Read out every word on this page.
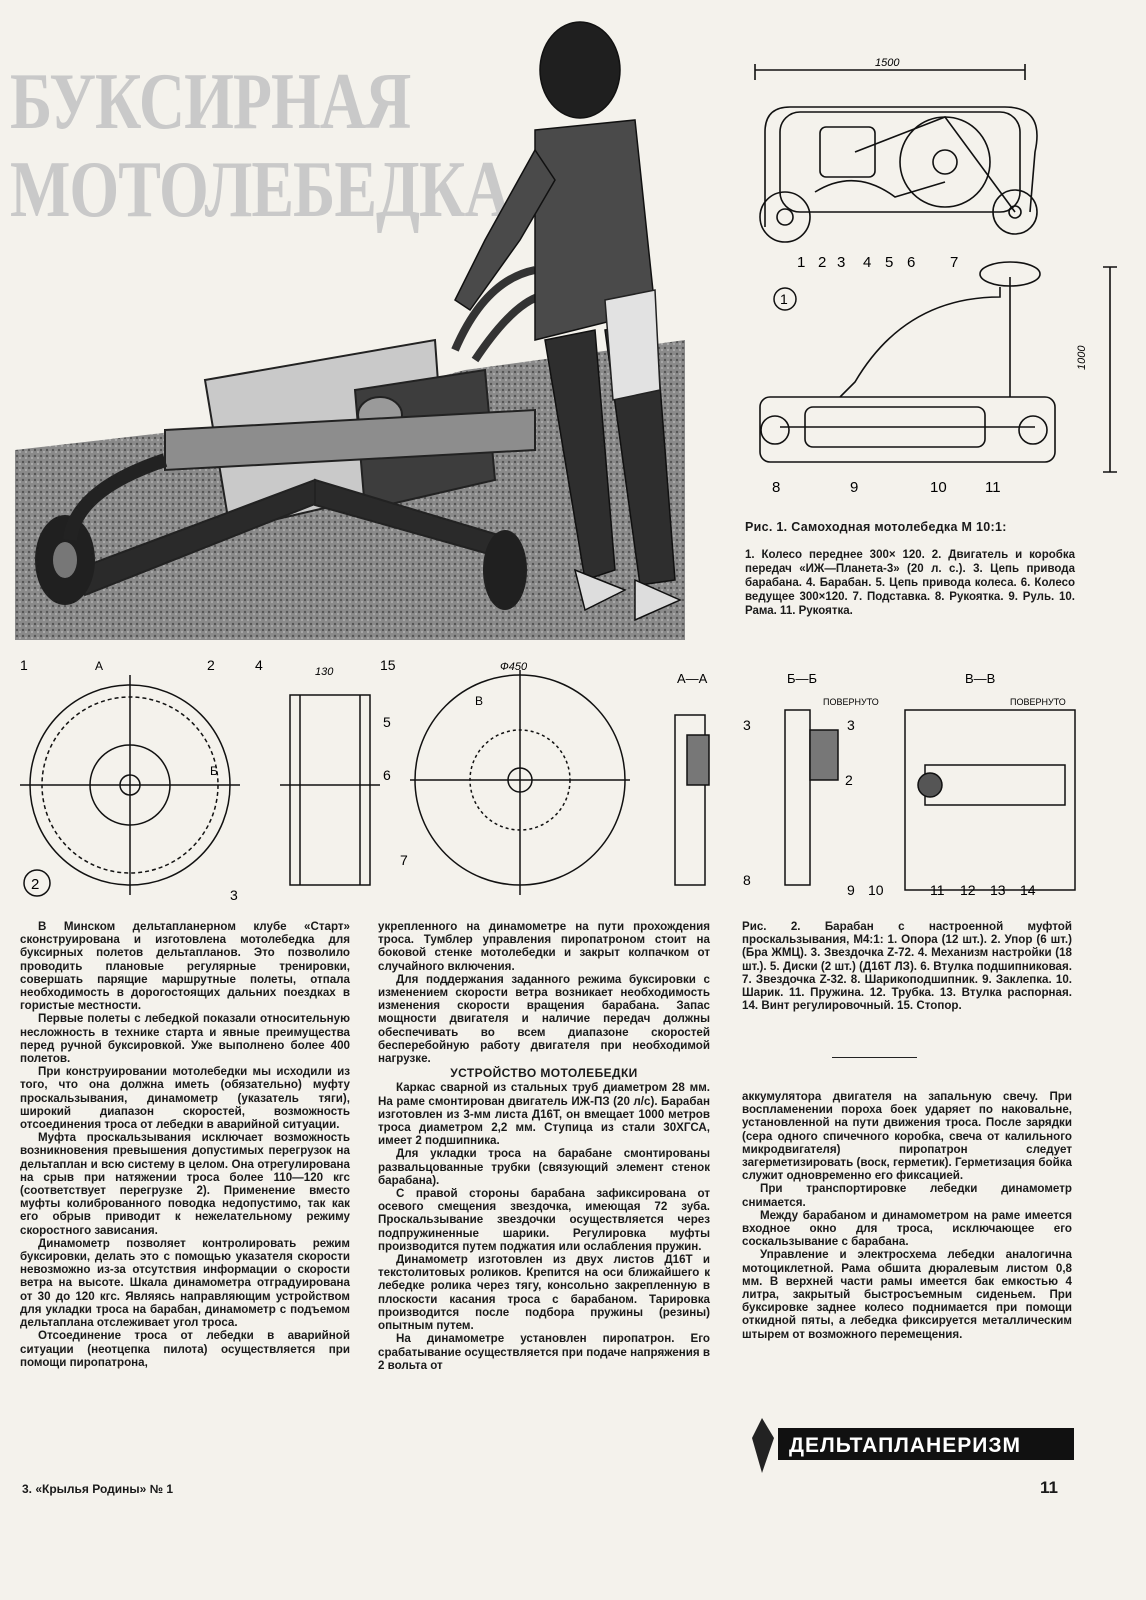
БУКСИРНАЯ
МОТОЛЕБЕДКА
1500
1000
1
1 2 3 4 5 6 7
8	9	10	11
Рис. 1. Самоходная мотолебедка М 10:1:
1. Колесо переднее 300× 120. 2. Двигатель и коробка передач «ИЖ—Планета-3» (20 л. с.). 3. Цепь привода барабана. 4. Барабан. 5. Цепь привода колеса. 6. Колесо ведущее 300×120. 7. Подставка. 8. Рукоятка. 9. Руль. 10. Рама. 11. Рукоятка.
2
130	Ф450
А—А	Б—Б	В—В
ПОВЕРНУТО	ПОВЕРНУТО
А
Б
В
1	2
3
4	15
5
6
7
3
8
3
2
9 10	11 12 13 14

В Минском дельтапланерном клубе «Старт» сконструирована и изготовлена мотолебедка для буксирных полетов дельтапланов. Это позволило проводить плановые регулярные тренировки, совершать парящие маршрутные полеты, отпала необходимость в дорогостоящих дальних поездках в гористые местности.

Первые полеты с лебедкой показали относительную несложность в технике старта и явные преимущества перед ручной буксировкой. Уже выполнено более 400 полетов.

При конструировании мотолебедки мы исходили из того, что она должна иметь (обязательно) муфту проскальзывания, динамометр (указатель тяги), широкий диапазон скоростей, возможность отсоединения троса от лебедки в аварийной ситуации.

Муфта проскальзывания исключает возможность возникновения превышения допустимых перегрузок на дельтаплан и всю систему в целом. Она отрегулирована на срыв при натяжении троса более 110—120 кгс (соответствует перегрузке 2). Применение вместо муфты колиброванного поводка недопустимо, так как его обрыв приводит к нежелательному режиму скоростного зависания.

Динамометр позволяет контролировать режим буксировки, делать это с помощью указателя скорости невозможно из-за отсутствия информации о скорости ветра на высоте. Шкала динамометра отградуирована от 30 до 120 кгс. Являясь направляющим устройством для укладки троса на барабан, динамометр с подъемом дельтаплана отслеживает угол троса.

Отсоединение троса от лебедки в аварийной ситуации (неотцепка пилота) осуществляется при помощи пиропатрона,

укрепленного на динамометре на пути прохождения троса. Тумблер управления пиропатроном стоит на боковой стенке мотолебедки и закрыт колпачком от случайного включения.

Для поддержания заданного режима буксировки с изменением скорости ветра возникает необходимость изменения скорости вращения барабана. Запас мощности двигателя и наличие передач должны обеспечивать во всем диапазоне скоростей бесперебойную работу двигателя при необходимой нагрузке.

УСТРОЙСТВО МОТОЛЕБЕДКИ

Каркас сварной из стальных труб диаметром 28 мм. На раме смонтирован двигатель ИЖ-ПЗ (20 л/с). Барабан изготовлен из 3-мм листа Д16Т, он вмещает 1000 метров троса диаметром 2,2 мм. Ступица из стали 30ХГСА, имеет 2 подшипника.

Для укладки троса на барабане смонтированы развальцованные трубки (связующий элемент стенок барабана).

С правой стороны барабана зафиксирована от осевого смещения звездочка, имеющая 72 зуба. Проскальзывание звездочки осуществляется через подпружиненные шарики. Регулировка муфты производится путем поджатия или ослабления пружин.

Динамометр изготовлен из двух листов Д16Т и текстолитовых роликов. Крепится на оси ближайшего к лебедке ролика через тягу, консольно закрепленную в плоскости касания троса с барабаном. Тарировка производится после подбора пружины (резины) опытным путем.

На динамометре установлен пиропатрон. Его срабатывание осуществляется при подаче напряжения в 2 вольта от

Рис. 2. Барабан с настроенной муфтой проскальзывания, М4:1: 1. Опора (12 шт.). 2. Упор (6 шт.) (Бра ЖМЦ). 3. Звездочка Z-72. 4. Механизм настройки (18 шт.). 5. Диски (2 шт.) (Д16Т ЛЗ). 6. Втулка подшипниковая. 7. Звездочка Z-32. 8. Шарикоподшипник. 9. Заклепка. 10. Шарик. 11. Пружина. 12. Трубка. 13. Втулка распорная. 14. Винт регулировочный. 15. Стопор.

аккумулятора двигателя на запальную свечу. При воспламенении пороха боек ударяет по наковальне, установленной на пути движения троса. После зарядки (сера одного спичечного коробка, свеча от калильного микродвигателя) пиропатрон следует загерметизировать (воск, герметик). Герметизация бойка служит одновременно его фиксацией.

При транспортировке лебедки динамометр снимается.

Между барабаном и динамометром на раме имеется входное окно для троса, исключающее его соскальзывание с барабана.

Управление и электросхема лебедки аналогична мотоциклетной. Рама обшита дюралевым листом 0,8 мм. В верхней части рамы имеется бак емкостью 4 литра, закрытый быстросъемным сиденьем. При буксировке заднее колесо поднимается при помощи откидной пяты, а лебедка фиксируется металлическим штырем от возможного перемещения.

ДЕЛЬТАПЛАНЕРИЗМ
3. «Крылья Родины» № 1	11
